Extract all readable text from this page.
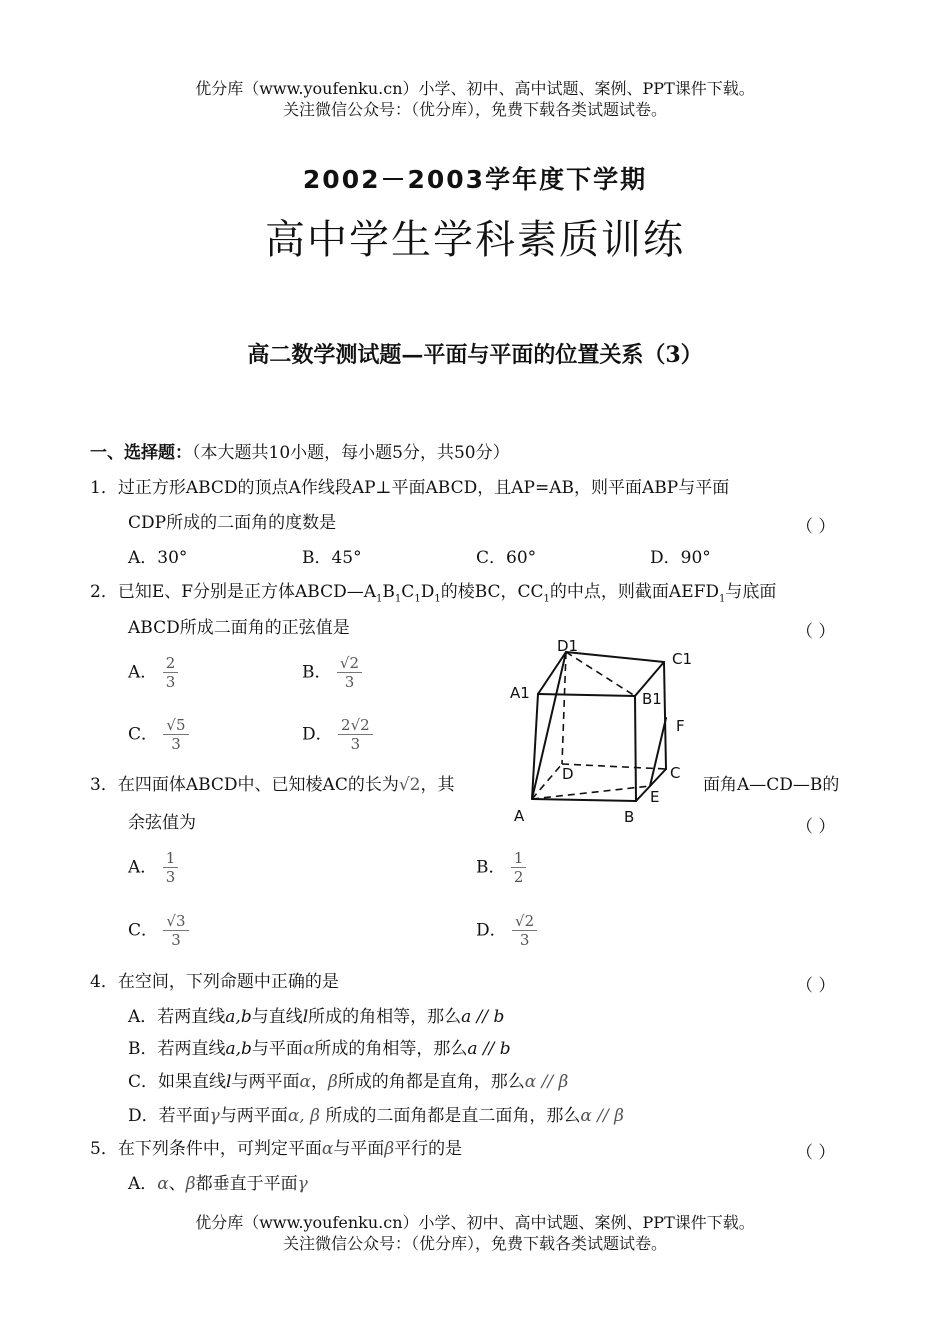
优分库（www.youfenku.cn）小学、初中、高中试题、案例、PPT课件下载。
关注微信公众号：（优分库），免费下载各类试题试卷。
2002－2003学年度下学期
高中学生学科素质训练
高二数学测试题—平面与平面的位置关系（3）
一、选择题：（本大题共10小题，每小题5分，共50分）
1．过正方形ABCD的顶点A作线段AP⊥平面ABCD，且AP=AB，则平面ABP与平面
CDP所成的二面角的度数是	（ ）
A．30°	B．45°	C．60°	D．90°
2．已知E、F分别是正方体$ABCD—A_1B_1C_1D_1$的棱BC，$CC_1$的中点，则截面$AEFD_1$与底面
ABCD所成二面角的正弦值是	（ ）
A． $\frac{2}{3}$	B． $\frac{√2}{3}$
C． $\frac{√5}{3}$	D． $\frac{2√2}{3}$
3．在四面体ABCD中、已知棱AC的长为√2，其	面角A—CD—B的
余弦值为	（ ）
A． $\frac{1}{3}$	B． $\frac{1}{2}$
C． $\frac{√3}{3}$	D． $\frac{√2}{3}$
D1
C1
A1	B1
F
D	C
A	B
E
4．在空间，下列命题中正确的是	（ ）
A．若两直线a,b与直线l所成的角相等，那么a // b
B．若两直线a,b与平面α所成的角相等，那么a // b
C．如果直线l与两平面α，β所成的角都是直角，那么α // β
D．若平面γ与两平面α, β 所成的二面角都是直二面角，那么α // β
5．在下列条件中，可判定平面α与平面β平行的是	（ ）
A．α、β都垂直于平面γ
优分库（www.youfenku.cn）小学、初中、高中试题、案例、PPT课件下载。
关注微信公众号：（优分库），免费下载各类试题试卷。
